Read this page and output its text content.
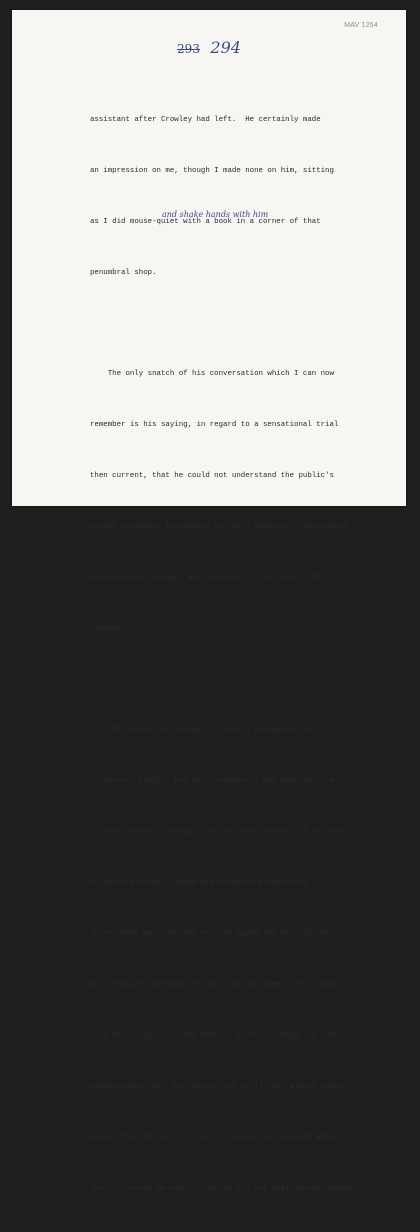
MAV 1254
293 294

assistant after Crowley had left.  He certainly made

an impression on me, though I made none on him, sitting

as I did mouse-quiet with a book in a corner of that

penumbral shop.

The only snatch of his conversation which I can now

remember is his saying, in regard to a sensational trial

then current, that he could not understand the public's

morbid curiosity in wanting to see a murderer.  Fastidious

distaste and contempt were mingled in the tone of his

remarks.

The rumours in Cornwall - mainly propagated not

by Cornish people, but by 'foreigners' who have settled

in these parts - provide just one more example of the way

in which minister legend proliferated around this

unfortunate man.  He had only to spend ten days in the

most ordinary holiday pursuits for his name to be linked

with the locality in the darkest hints - linked, it seems,

indissolubly, for the stories are still rife almost twenty

years after his visit.  That he cadged and sponged when

short of money we know;  that he did not feel himself bound

and shake hands with him
